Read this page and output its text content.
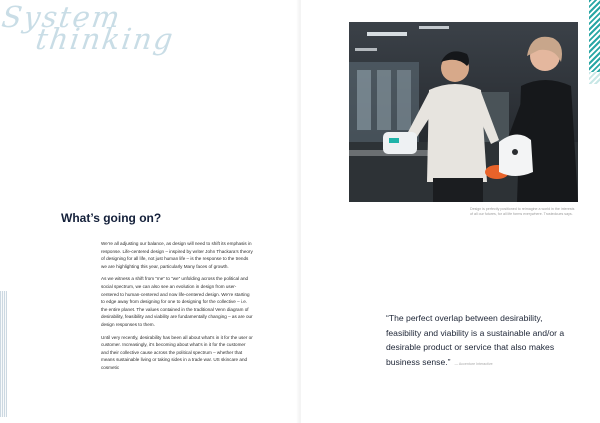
System
thinking
What’s going on?

We’re all adjusting our balance, as design will need to shift its emphasis in response. Life-centered design – inspired by writer John Thackara’s theory of designing for all life, not just human life – is the response to the trends we are highlighting this year, particularly Many faces of growth.

As we witness a shift from “me” to “we” unfolding across the political and social spectrum, we can also see an evolution in design from user-centered to human-centered and now life-centered design. We’re starting to edge away from designing for one to designing for the collective – i.e. the entire planet. The values contained in the traditional Venn diagram of desirability, feasibility and viability are fundamentally changing – as are our design responses to them.

Until very recently, desirability has been all about what’s in it for the user or customer. Increasingly, it’s becoming about what’s in it for the customer and their collective cause across the political spectrum – whether that means sustainable living or taking sides in a trade war. US skincare and cosmetic

Design is perfectly positioned to reimagine a world in the interests of all our futures, for all life forms everywhere. Trustedcues says.

“The perfect overlap between desirability, feasibility and viability is a sustainable and/or a desirable product or service that also makes business sense.” — Accenture Interactive
